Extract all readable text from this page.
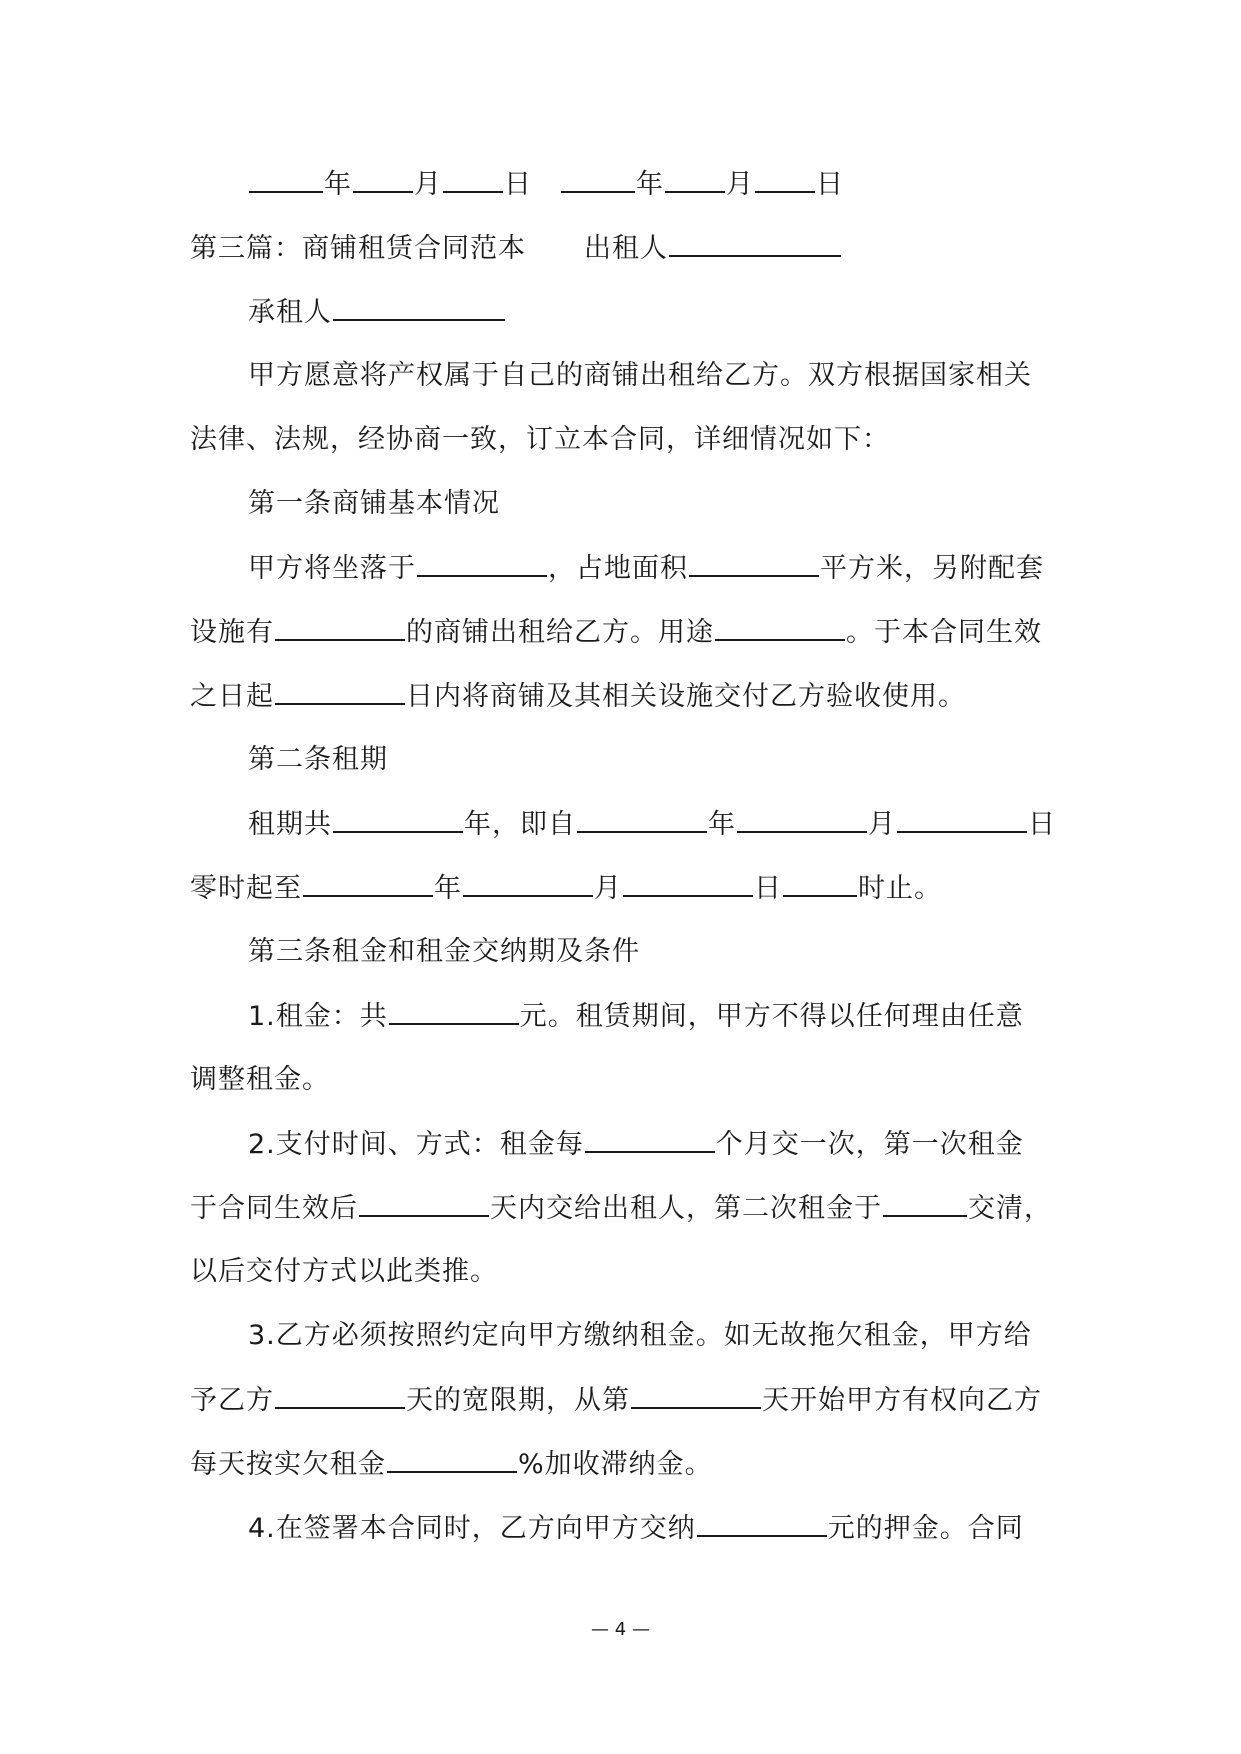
年 月 日	年 月 日
第三篇：商铺租赁合同范本 出租人
承租人
甲方愿意将产权属于自己的商铺出租给乙方。双方根据国家相关
法律、法规，经协商一致，订立本合同，详细情况如下：
第一条商铺基本情况
甲方将坐落于	，占地面积	平方米，另附配套
设施有	的商铺出租给乙方。用途	。于本合同生效
之日起	日内将商铺及其相关设施交付乙方验收使用。
第二条租期
租期共	年，即自	年	月	日
零时起至	年	月	日	时止。
第三条租金和租金交纳期及条件
1.租金：共	元。租赁期间，甲方不得以任何理由任意
调整租金。
2.支付时间、方式：租金每	个月交一次，第一次租金
于合同生效后	天内交给出租人，第二次租金于	交清，
以后交付方式以此类推。
3.乙方必须按照约定向甲方缴纳租金。如无故拖欠租金，甲方给
予乙方	天的宽限期，从第	天开始甲方有权向乙方
每天按实欠租金	%加收滞纳金。
4.在签署本合同时，乙方向甲方交纳	元的押金。合同
— 4 —
